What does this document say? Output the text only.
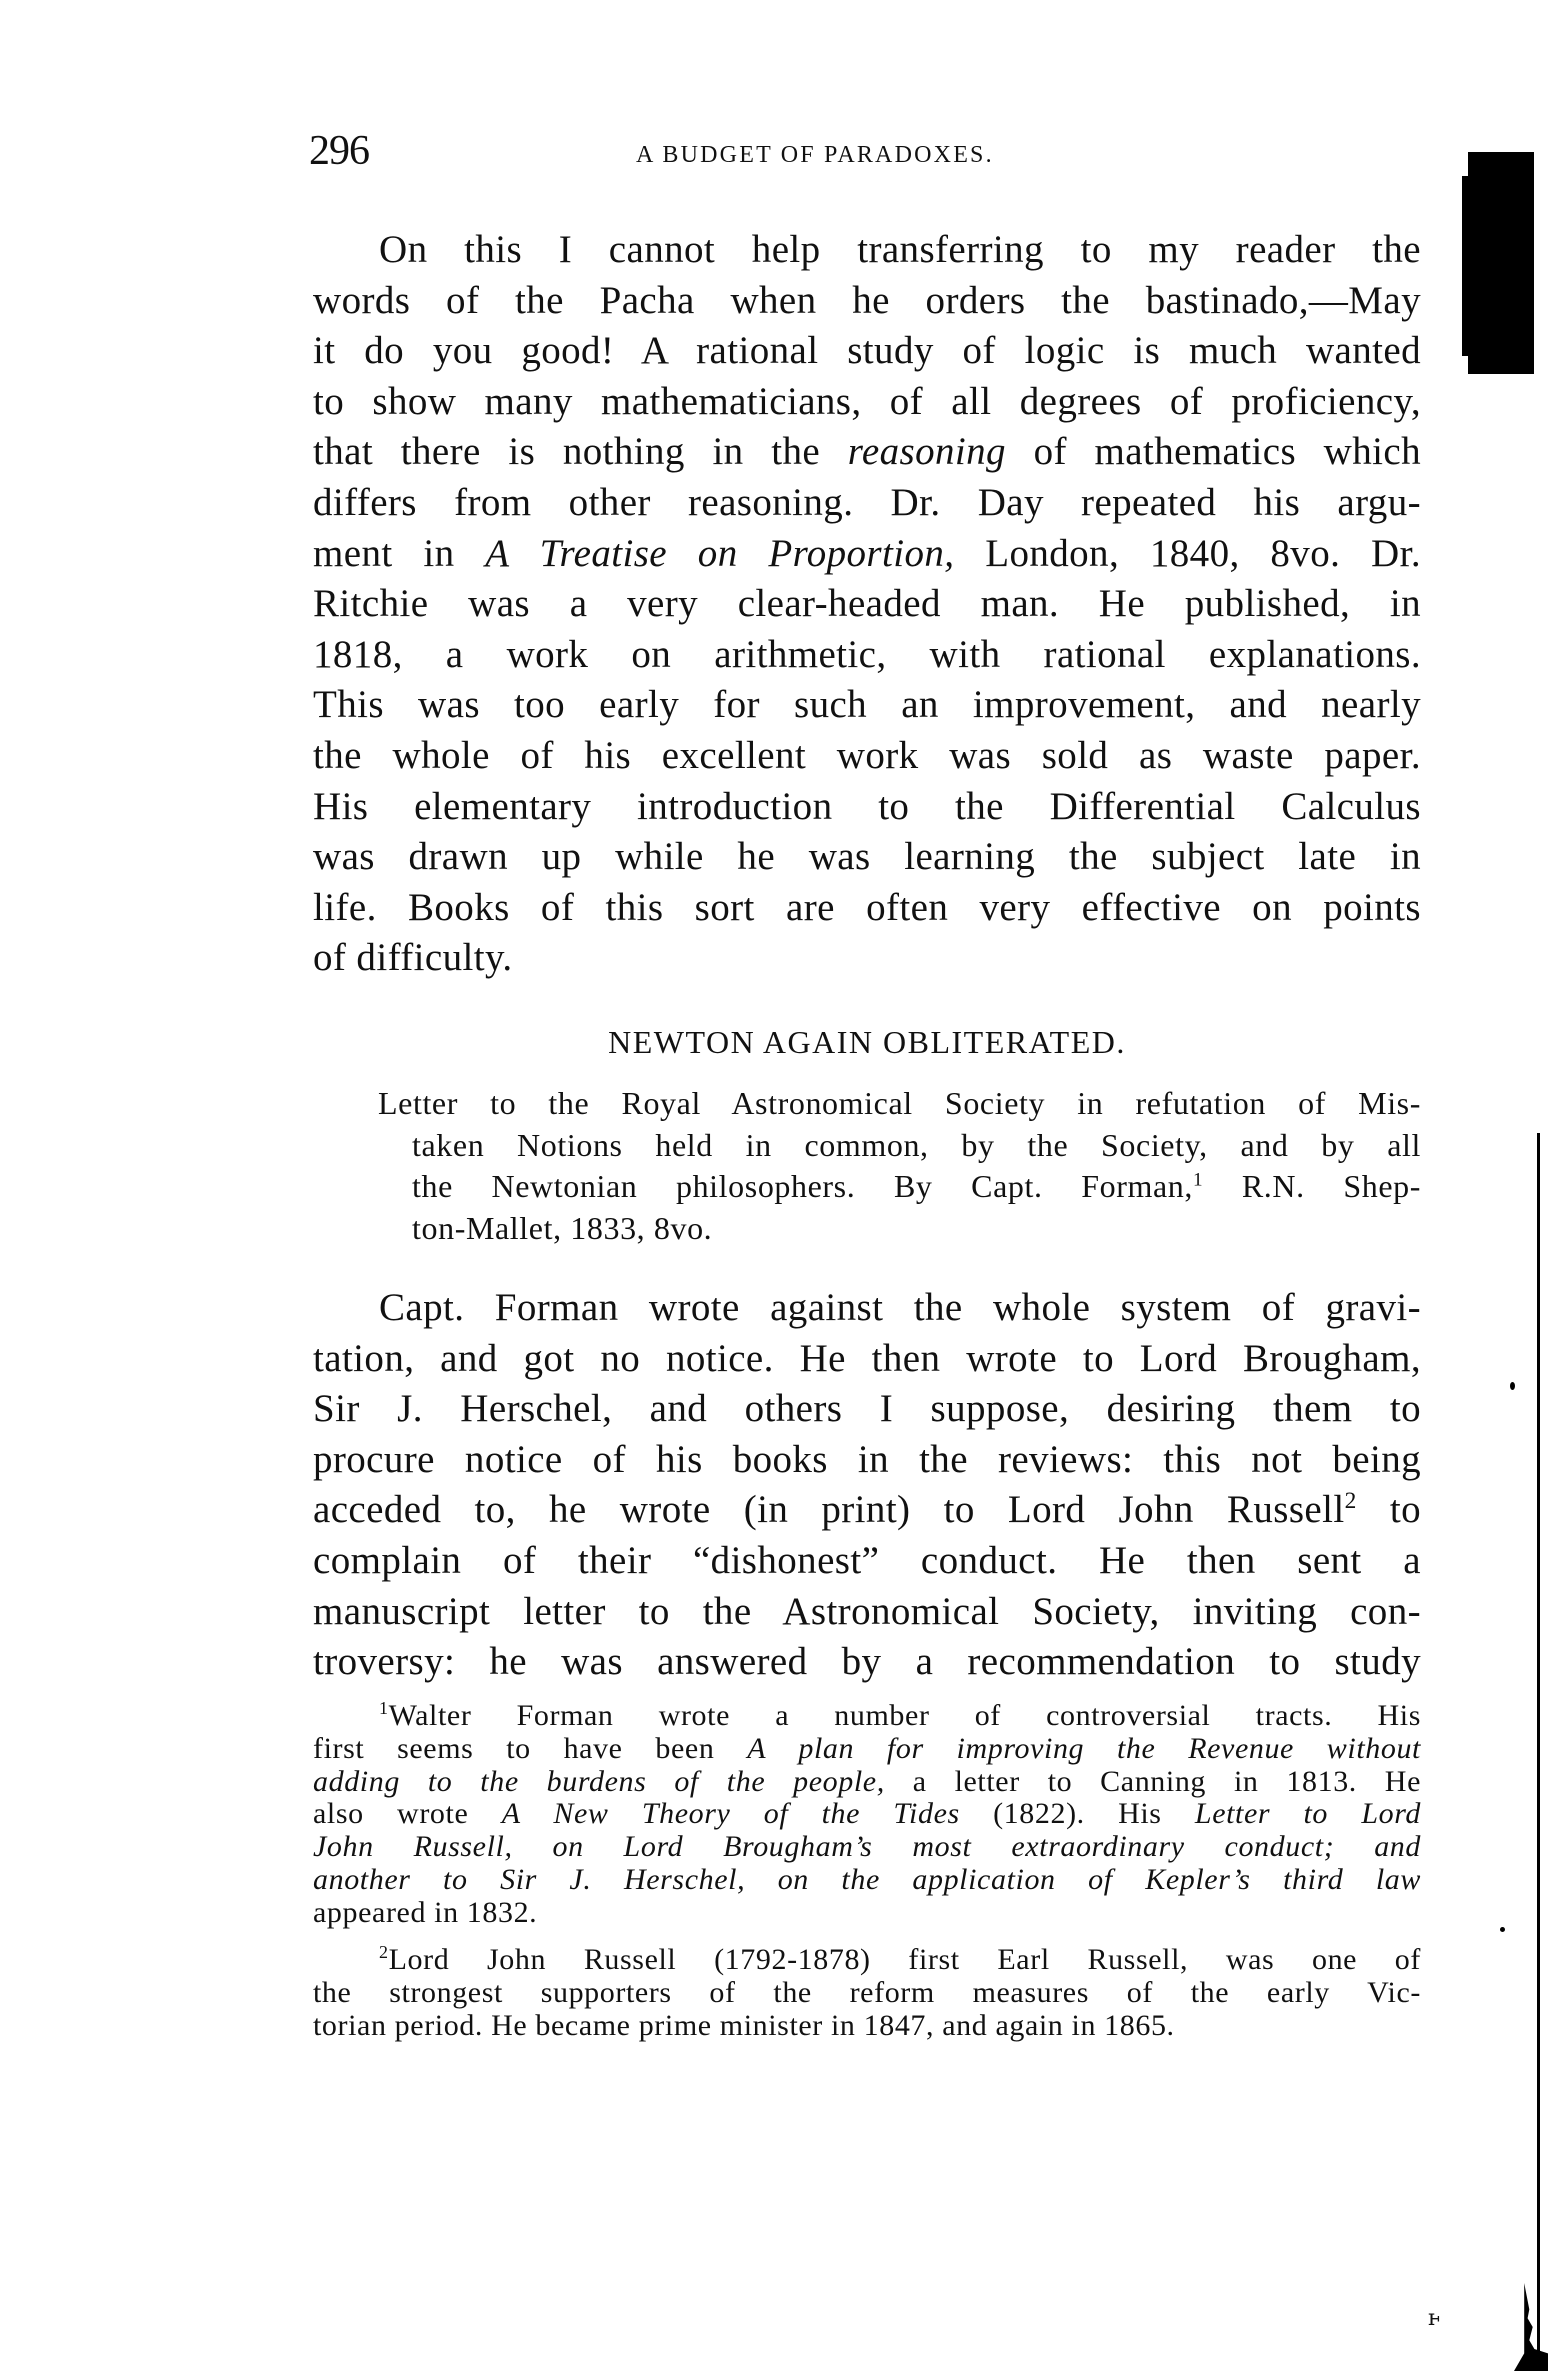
296	A BUDGET OF PARADOXES.
On this I cannot help transferring to my reader the
words of the Pacha when he orders the bastinado,—May
it do you good! A rational study of logic is much wanted
to show many mathematicians, of all degrees of proficiency,
that there is nothing in the reasoning of mathematics which
differs from other reasoning. Dr. Day repeated his argu-
ment in A Treatise on Proportion, London, 1840, 8vo. Dr.
Ritchie was a very clear-headed man. He published, in
1818, a work on arithmetic, with rational explanations.
This was too early for such an improvement, and nearly
the whole of his excellent work was sold as waste paper.
His elementary introduction to the Differential Calculus
was drawn up while he was learning the subject late in
life. Books of this sort are often very effective on points
of difficulty.
NEWTON AGAIN OBLITERATED.
Letter to the Royal Astronomical Society in refutation of Mis-
taken Notions held in common, by the Society, and by all
the Newtonian philosophers. By Capt. Forman,$^1$ R.N. Shep-
ton-Mallet, 1833, 8vo.
Capt. Forman wrote against the whole system of gravi-
tation, and got no notice. He then wrote to Lord Brougham,
Sir J. Herschel, and others I suppose, desiring them to
procure notice of his books in the reviews: this not being
acceded to, he wrote (in print) to Lord John Russell$^2$ to
complain of their “dishonest” conduct. He then sent a
manuscript letter to the Astronomical Society, inviting con-
troversy: he was answered by a recommendation to study
$^1$Walter Forman wrote a number of controversial tracts. His
first seems to have been A plan for improving the Revenue without
adding to the burdens of the people, a letter to Canning in 1813. He
also wrote A New Theory of the Tides (1822). His Letter to Lord
John Russell, on Lord Brougham’s most extraordinary conduct; and
another to Sir J. Herschel, on the application of Kepler’s third law
appeared in 1832.
$^2$Lord John Russell (1792-1878) first Earl Russell, was one of
the strongest supporters of the reform measures of the early Vic-
torian period. He became prime minister in 1847, and again in 1865.
ⱶ
